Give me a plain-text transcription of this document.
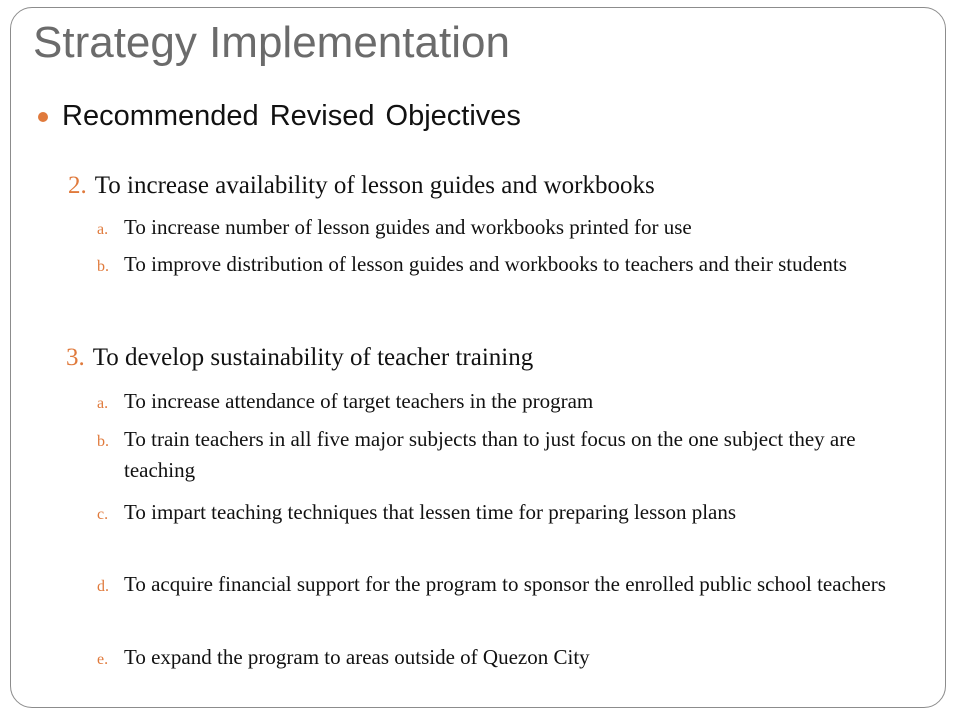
Strategy Implementation
Recommended Revised Objectives
2. To increase availability of lesson guides and workbooks
a. To increase number of lesson guides and workbooks printed for use
b. To improve distribution of lesson guides and workbooks to teachers and their students
3. To develop sustainability of teacher training
a. To increase attendance of target teachers in the program
b. To train teachers in all five major subjects than to just focus on the one subject they are teaching
c. To impart teaching techniques that lessen time for preparing lesson plans
d. To acquire financial support for the program to sponsor the enrolled public school teachers
e. To expand the program to areas outside of Quezon City
